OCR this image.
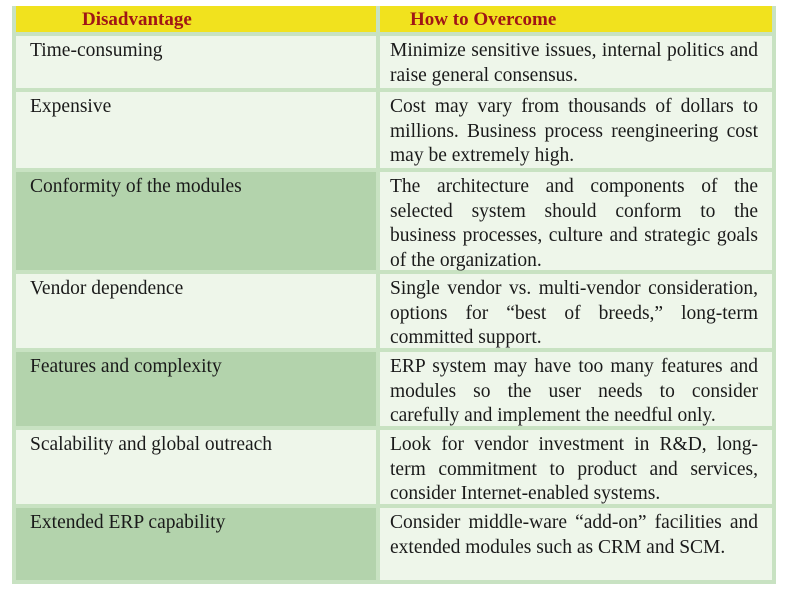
Disadvantage	How to Overcome
Time-consuming	Minimize sensitive issues, internal politics and raise general consensus.
Expensive	Cost may vary from thousands of dollars to millions. Business process reengineering cost may be extremely high.
Conformity of the modules	The architecture and components of the selected system should conform to the business processes, culture and strategic goals of the organization.
Vendor dependence	Single vendor vs. multi-vendor consideration, options for “best of breeds,” long-term committed support.
Features and complexity	ERP system may have too many features and modules so the user needs to consider carefully and implement the needful only.
Scalability and global outreach	Look for vendor investment in R&D, long-term commitment to product and services, consider Internet-enabled systems.
Extended ERP capability	Consider middle-ware “add-on” facilities and extended modules such as CRM and SCM.
